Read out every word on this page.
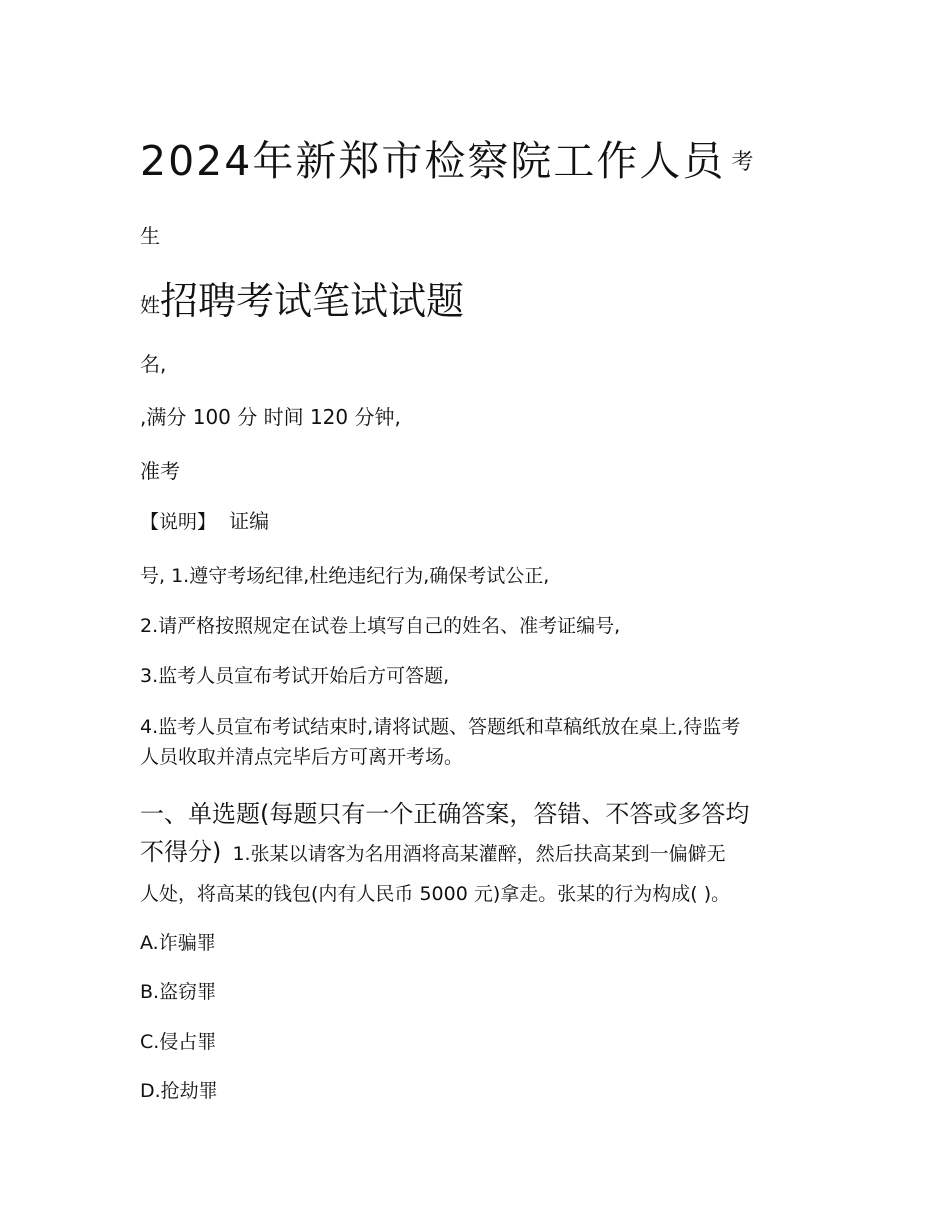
2024年新郑市检察院工作人员 考
生
姓招聘考试笔试试题
名,
,满分 100 分 时间 120 分钟,
准考
【说明】 证编
号, 1.遵守考场纪律,杜绝违纪行为,确保考试公正,
2.请严格按照规定在试卷上填写自己的姓名、准考证编号,
3.监考人员宣布考试开始后方可答题,
4.监考人员宣布考试结束时,请将试题、答题纸和草稿纸放在桌上,待监考
人员收取并清点完毕后方可离开考场。
一、单选题(每题只有一个正确答案，答错、不答或多答均
不得分) 1.张某以请客为名用酒将高某灌醉，然后扶高某到一偏僻无
人处，将高某的钱包(内有人民币 5000 元)拿走。张某的行为构成( )。
A.诈骗罪
B.盗窃罪
C.侵占罪
D.抢劫罪
